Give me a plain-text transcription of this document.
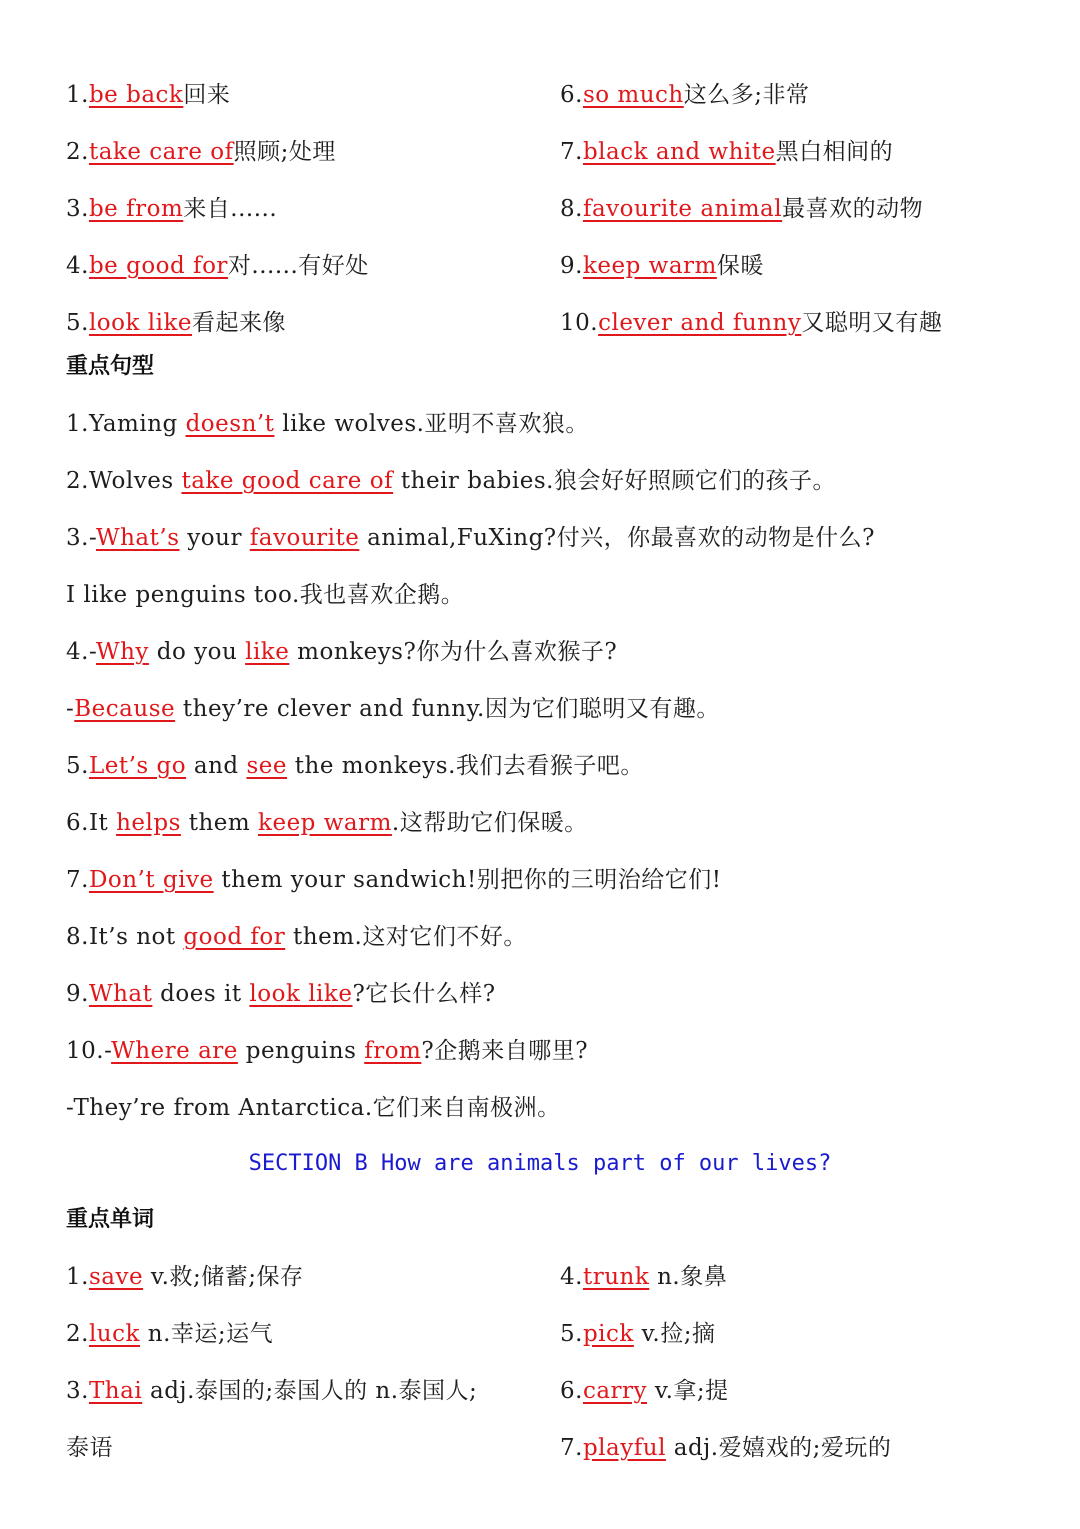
1.be back回来
2.take care of照顾;处理
3.be from来自......
4.be good for对......有好处
5.look like看起来像
6.so much这么多;非常
7.black and white黑白相间的
8.favourite animal最喜欢的动物
9.keep warm保暖
10.clever and funny又聪明又有趣
重点句型
1.Yaming doesn’t like wolves.亚明不喜欢狼。
2.Wolves take good care of their babies.狼会好好照顾它们的孩子。
3.-What’s your favourite animal,FuXing?付兴，你最喜欢的动物是什么?
I like penguins too.我也喜欢企鹅。
4.-Why do you like monkeys?你为什么喜欢猴子?
-Because they’re clever and funny.因为它们聪明又有趣。
5.Let’s go and see the monkeys.我们去看猴子吧。
6.It helps them keep warm.这帮助它们保暖。
7.Don’t give them your sandwich!别把你的三明治给它们!
8.It’s not good for them.这对它们不好。
9.What does it look like?它长什么样?
10.-Where are penguins from?企鹅来自哪里?
-They’re from Antarctica.它们来自南极洲。
SECTION B How are animals part of our lives?
重点单词
1.save v.救;储蓄;保存
2.luck n.幸运;运气
3.Thai adj.泰国的;泰国人的 n.泰国人;
泰语
4.trunk n.象鼻
5.pick v.捡;摘
6.carry v.拿;提
7.playful adj.爱嬉戏的;爱玩的
